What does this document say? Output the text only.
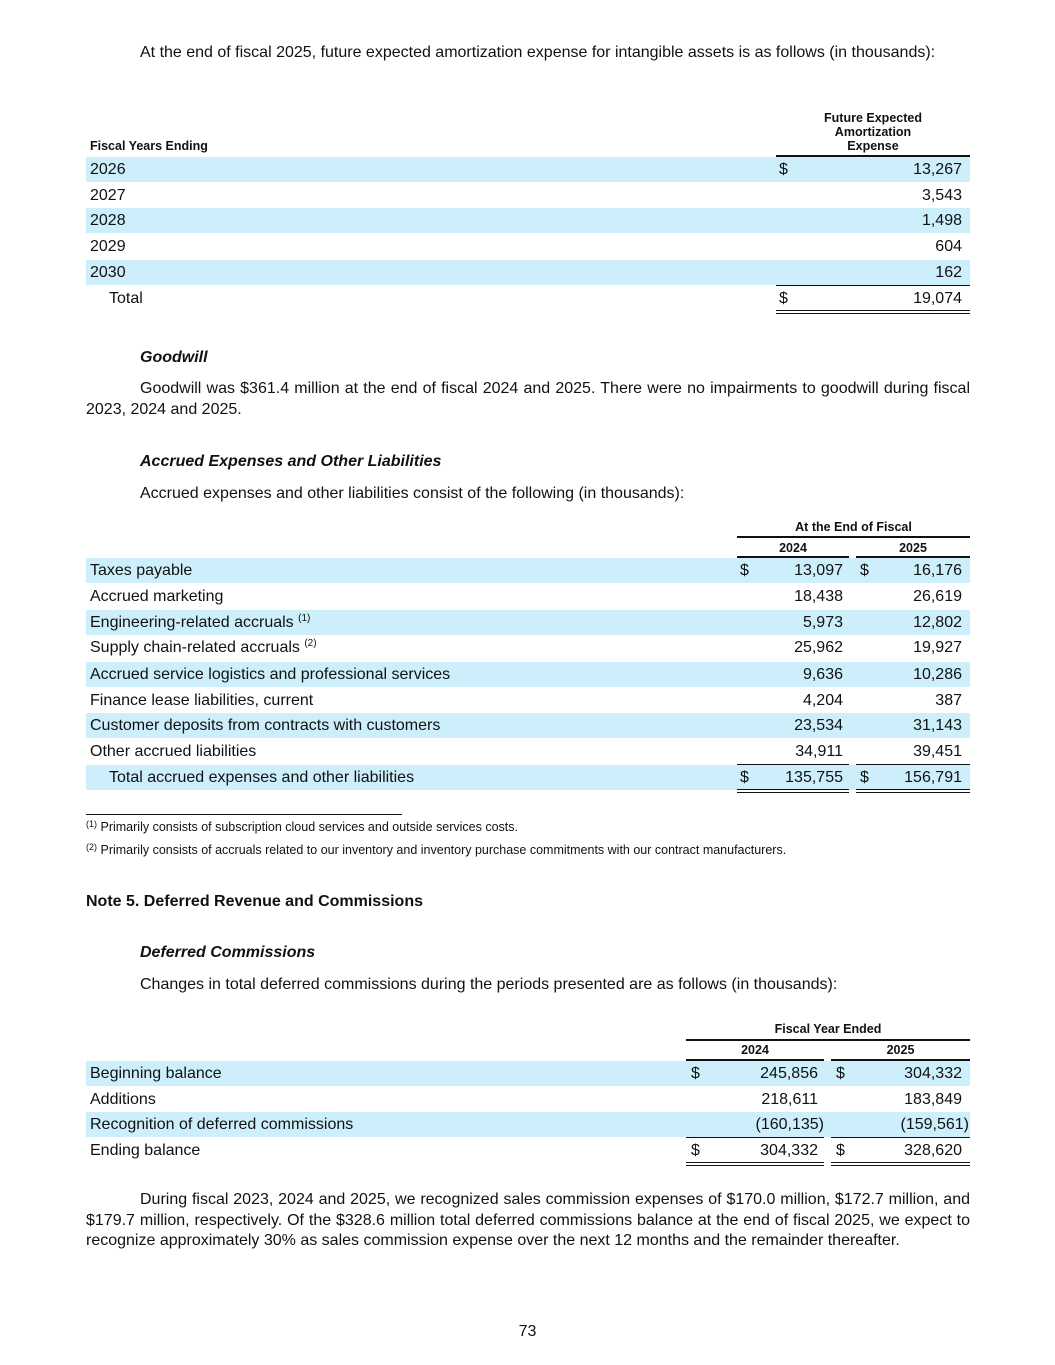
At the end of fiscal 2025, future expected amortization expense for intangible assets is as follows (in thousands):

Fiscal Years Ending
Future Expected
Amortization
Expense
2026	$	13,267
2027	3,543
2028	1,498
2029	604
2030	162
Total	$	19,074
Goodwill

Goodwill was $361.4 million at the end of fiscal 2024 and 2025. There were no impairments to goodwill during fiscal 2023, 2024 and 2025.

Accrued Expenses and Other Liabilities

Accrued expenses and other liabilities consist of the following (in thousands):

At the End of Fiscal
2024	2025
Taxes payable	$	13,097 $	16,176
Accrued marketing	18,438	26,619
Engineering-related accruals $^{(1)}$	5,973	12,802
Supply chain-related accruals $^{(2)}$	25,962	19,927
Accrued service logistics and professional services	9,636	10,286
Finance lease liabilities, current	4,204	387
Customer deposits from contracts with customers	23,534	31,143
Other accrued liabilities	34,911	39,451
Total accrued expenses and other liabilities	$ 135,755 $ 156,791
$^{(1)}$ Primarily consists of subscription cloud services and outside services costs.
$^{(2)}$ Primarily consists of accruals related to our inventory and inventory purchase commitments with our contract manufacturers.
Note 5. Deferred Revenue and Commissions
Deferred Commissions

Changes in total deferred commissions during the periods presented are as follows (in thousands):

Fiscal Year Ended
2024	2025
Beginning balance	$	245,856 $	304,332
Additions	218,611	183,849
Recognition of deferred commissions	(160,135)	(159,561)
Ending balance	$	304,332 $	328,620

During fiscal 2023, 2024 and 2025, we recognized sales commission expenses of $170.0 million, $172.7 million, and $179.7 million, respectively. Of the $328.6 million total deferred commissions balance at the end of fiscal 2025, we expect to recognize approximately 30% as sales commission expense over the next 12 months and the remainder thereafter.

73
